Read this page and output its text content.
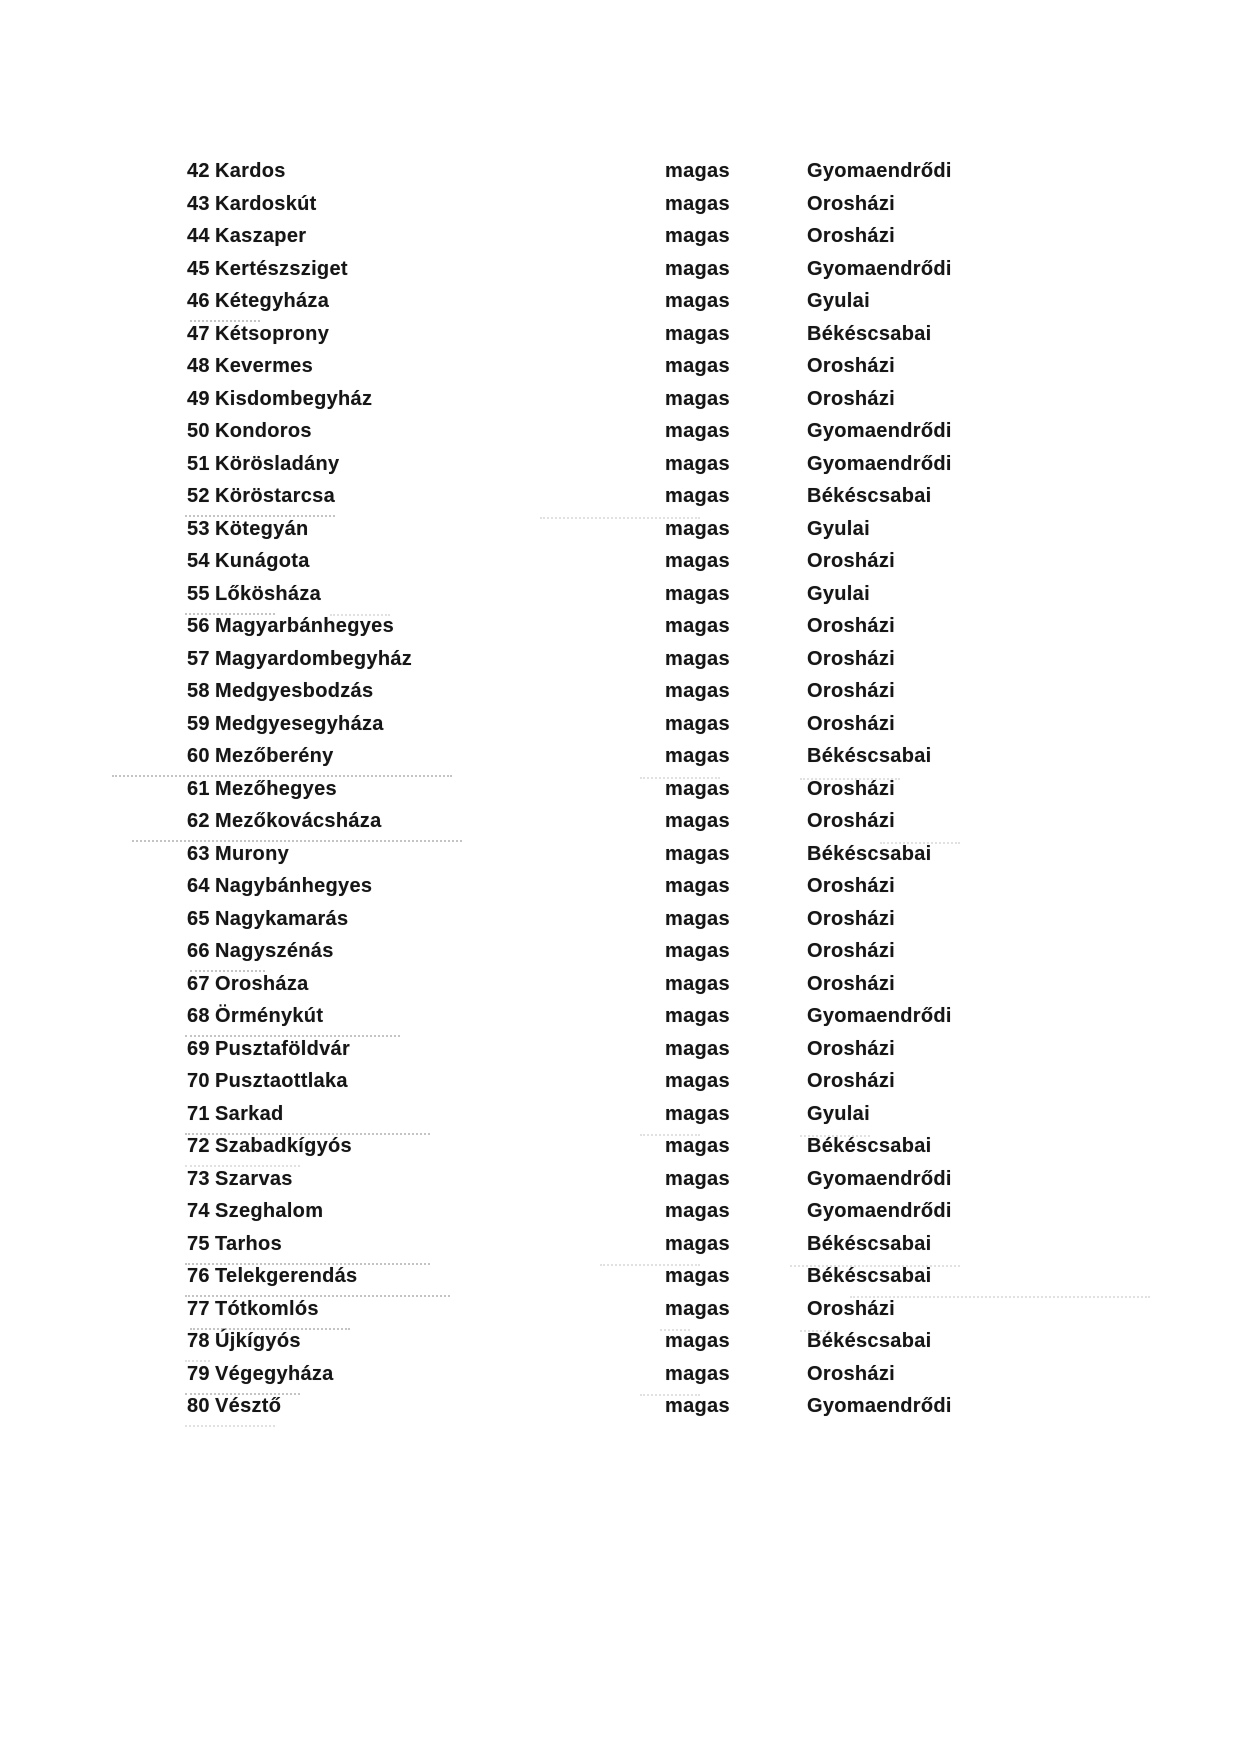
42 Kardos	magas	Gyomaendrődi
43 Kardoskút	magas	Orosházi
44 Kaszaper	magas	Orosházi
45 Kertészsziget	magas	Gyomaendrődi
46 Kétegyháza	magas	Gyulai
47 Kétsoprony	magas	Békéscsabai
48 Kevermes	magas	Orosházi
49 Kisdombegyház	magas	Orosházi
50 Kondoros	magas	Gyomaendrődi
51 Körösladány	magas	Gyomaendrődi
52 Köröstarcsa	magas	Békéscsabai
53 Kötegyán	magas	Gyulai
54 Kunágota	magas	Orosházi
55 Lőkösháza	magas	Gyulai
56 Magyarbánhegyes	magas	Orosházi
57 Magyardombegyház	magas	Orosházi
58 Medgyesbodzás	magas	Orosházi
59 Medgyesegyháza	magas	Orosházi
60 Mezőberény	magas	Békéscsabai
61 Mezőhegyes	magas	Orosházi
62 Mezőkovácsháza	magas	Orosházi
63 Murony	magas	Békéscsabai
64 Nagybánhegyes	magas	Orosházi
65 Nagykamarás	magas	Orosházi
66 Nagyszénás	magas	Orosházi
67 Orosháza	magas	Orosházi
68 Örménykút	magas	Gyomaendrődi
69 Pusztaföldvár	magas	Orosházi
70 Pusztaottlaka	magas	Orosházi
71 Sarkad	magas	Gyulai
72 Szabadkígyós	magas	Békéscsabai
73 Szarvas	magas	Gyomaendrődi
74 Szeghalom	magas	Gyomaendrődi
75 Tarhos	magas	Békéscsabai
76 Telekgerendás	magas	Békéscsabai
77 Tótkomlós	magas	Orosházi
78 Újkígyós	magas	Békéscsabai
79 Végegyháza	magas	Orosházi
80 Vésztő	magas	Gyomaendrődi
